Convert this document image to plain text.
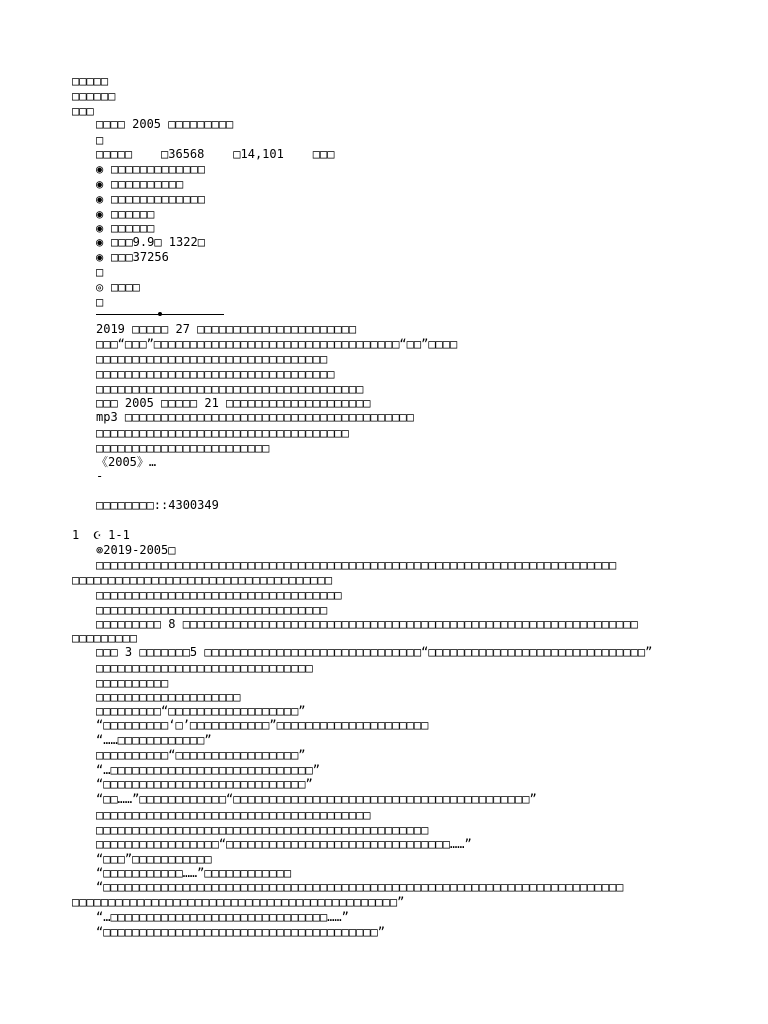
□□□□□
□□□□□□
□□□
□□□□ 2005 □□□□□□□□□
□
□□□□□    □36568    □14,101    □□□
◉ □□□□□□□□□□□□□
◉ □□□□□□□□□□
◉ □□□□□□□□□□□□□
◉ □□□□□□
◉ □□□□□□
◉ □□□9.9□ 1322□
◉ □□□37256
□
◎ □□□□
□
2019 □□□□□ 27 □□□□□□□□□□□□□□□□□□□□□□
□□□“□□□”□□□□□□□□□□□□□□□□□□□□□□□□□□□□□□□□□□“□□”□□□□
□□□□□□□□□□□□□□□□□□□□□□□□□□□□□□□□
□□□□□□□□□□□□□□□□□□□□□□□□□□□□□□□□□
□□□□□□□□□□□□□□□□□□□□□□□□□□□□□□□□□□□□□
□□□ 2005 □□□□□ 21 □□□□□□□□□□□□□□□□□□□□
mp3 □□□□□□□□□□□□□□□□□□□□□□□□□□□□□□□□□□□□□□□□
□□□□□□□□□□□□□□□□□□□□□□□□□□□□□□□□□□□
□□□□□□□□□□□□□□□□□□□□□□□□
《2005》…
-
□□□□□□□□::4300349
1  ☪ 1-1
⊚2019-2005□
□□□□□□□□□□□□□□□□□□□□□□□□□□□□□□□□□□□□□□□□□□□□□□□□□□□□□□□□□□□□□□□□□□□□□□□□
□□□□□□□□□□□□□□□□□□□□□□□□□□□□□□□□□□□□
□□□□□□□□□□□□□□□□□□□□□□□□□□□□□□□□□□
□□□□□□□□□□□□□□□□□□□□□□□□□□□□□□□□
□□□□□□□□□ 8 □□□□□□□□□□□□□□□□□□□□□□□□□□□□□□□□□□□□□□□□□□□□□□□□□□□□□□□□□□□□□□□
□□□□□□□□□
□□□ 3 □□□□□□□5 □□□□□□□□□□□□□□□□□□□□□□□□□□□□□□“□□□□□□□□□□□□□□□□□□□□□□□□□□□□□□”
□□□□□□□□□□□□□□□□□□□□□□□□□□□□□□
□□□□□□□□□□
□□□□□□□□□□□□□□□□□□□□
□□□□□□□□□“□□□□□□□□□□□□□□□□□□”
“□□□□□□□□□‘□’□□□□□□□□□□□”□□□□□□□□□□□□□□□□□□□□□
“……□□□□□□□□□□□□”
□□□□□□□□□□“□□□□□□□□□□□□□□□□□”
“…□□□□□□□□□□□□□□□□□□□□□□□□□□□□”
“□□□□□□□□□□□□□□□□□□□□□□□□□□□□”
“□□……”□□□□□□□□□□□□“□□□□□□□□□□□□□□□□□□□□□□□□□□□□□□□□□□□□□□□□□”
□□□□□□□□□□□□□□□□□□□□□□□□□□□□□□□□□□□□□□
□□□□□□□□□□□□□□□□□□□□□□□□□□□□□□□□□□□□□□□□□□□□□□
□□□□□□□□□□□□□□□□□“□□□□□□□□□□□□□□□□□□□□□□□□□□□□□□□……”
“□□□”□□□□□□□□□□□
“□□□□□□□□□□□……”□□□□□□□□□□□□
“□□□□□□□□□□□□□□□□□□□□□□□□□□□□□□□□□□□□□□□□□□□□□□□□□□□□□□□□□□□□□□□□□□□□□□□□
□□□□□□□□□□□□□□□□□□□□□□□□□□□□□□□□□□□□□□□□□□□□□”
“…□□□□□□□□□□□□□□□□□□□□□□□□□□□□□□……”
“□□□□□□□□□□□□□□□□□□□□□□□□□□□□□□□□□□□□□□”
